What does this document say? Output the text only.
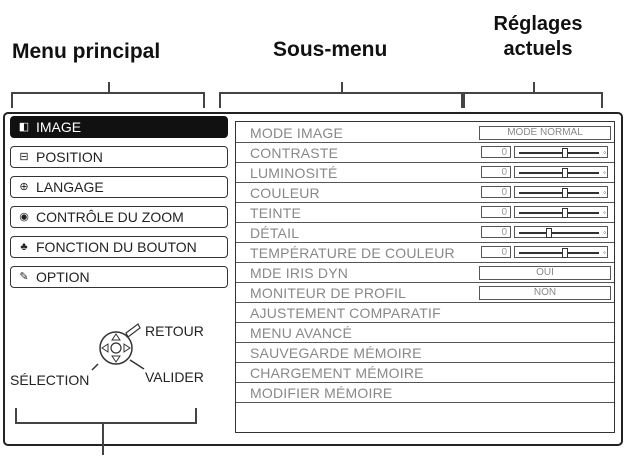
Menu principal	Sous-menu
Réglages actuels
◧ IMAGE
⊟ POSITION
⊕ LANGAGE
◉ CONTRÔLE DU ZOOM
♣ FONCTION DU BOUTON
✎ OPTION
MODE IMAGE	MODE NORMAL
CONTRASTE	0	◦
LUMINOSITÉ	0	◦
COULEUR	0	◦
TEINTE	0	◦
DÉTAIL	0	◦
TEMPÉRATURE DE COULEUR	0	◦
MDE IRIS DYN	OUI
MONITEUR DE PROFIL	NON
AJUSTEMENT COMPARATIF
MENU AVANCÉ
SAUVEGARDE MÉMOIRE
CHARGEMENT MÉMOIRE
MODIFIER MÉMOIRE
RETOUR
SÉLECTION	VALIDER
